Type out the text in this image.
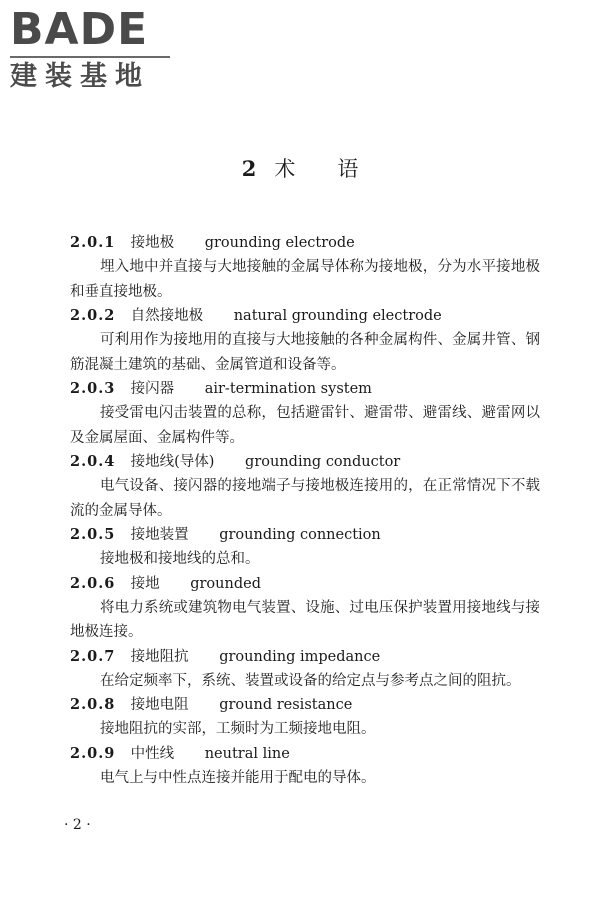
BADE
建装基地
2 术 语
2.0.1 接地极 grounding electrode

埋入地中并直接与大地接触的金属导体称为接地极，分为水平接地极和垂直接地极。

2.0.2 自然接地极 natural grounding electrode

可利用作为接地用的直接与大地接触的各种金属构件、金属井管、钢筋混凝土建筑的基础、金属管道和设备等。

2.0.3 接闪器 air-termination system

接受雷电闪击装置的总称，包括避雷针、避雷带、避雷线、避雷网以及金属屋面、金属构件等。

2.0.4 接地线(导体) grounding conductor

电气设备、接闪器的接地端子与接地极连接用的，在正常情况下不载流的金属导体。

2.0.5 接地装置 grounding connection

接地极和接地线的总和。

2.0.6 接地 grounded

将电力系统或建筑物电气装置、设施、过电压保护装置用接地线与接地极连接。

2.0.7 接地阻抗 grounding impedance

在给定频率下，系统、装置或设备的给定点与参考点之间的阻抗。

2.0.8 接地电阻 ground resistance

接地阻抗的实部，工频时为工频接地电阻。

2.0.9 中性线 neutral line

电气上与中性点连接并能用于配电的导体。

· 2 ·
